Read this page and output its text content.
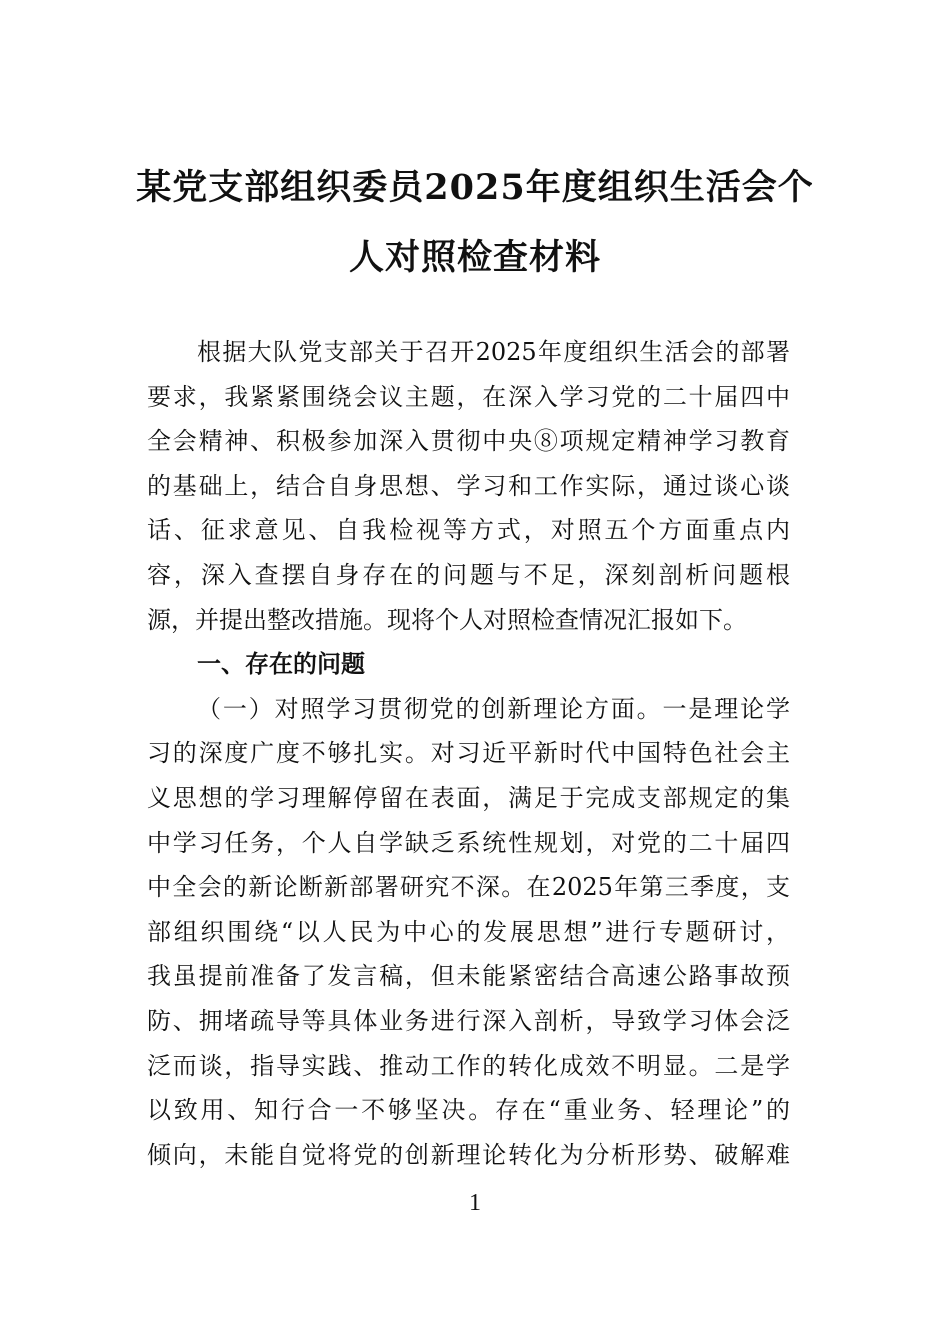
某党支部组织委员2025年度组织生活会个
人对照检查材料
根据大队党支部关于召开2025年度组织生活会的部署
要求，我紧紧围绕会议主题，在深入学习党的二十届四中
全会精神、积极参加深入贯彻中央⑧项规定精神学习教育
的基础上，结合自身思想、学习和工作实际，通过谈心谈
话、征求意见、自我检视等方式，对照五个方面重点内
容，深入查摆自身存在的问题与不足，深刻剖析问题根
源，并提出整改措施。现将个人对照检查情况汇报如下。
一、存在的问题
（一）对照学习贯彻党的创新理论方面。一是理论学
习的深度广度不够扎实。对习近平新时代中国特色社会主
义思想的学习理解停留在表面，满足于完成支部规定的集
中学习任务，个人自学缺乏系统性规划，对党的二十届四
中全会的新论断新部署研究不深。在2025年第三季度，支
部组织围绕“以人民为中心的发展思想”进行专题研讨，
我虽提前准备了发言稿，但未能紧密结合高速公路事故预
防、拥堵疏导等具体业务进行深入剖析，导致学习体会泛
泛而谈，指导实践、推动工作的转化成效不明显。二是学
以致用、知行合一不够坚决。存在“重业务、轻理论”的
倾向，未能自觉将党的创新理论转化为分析形势、破解难
1
